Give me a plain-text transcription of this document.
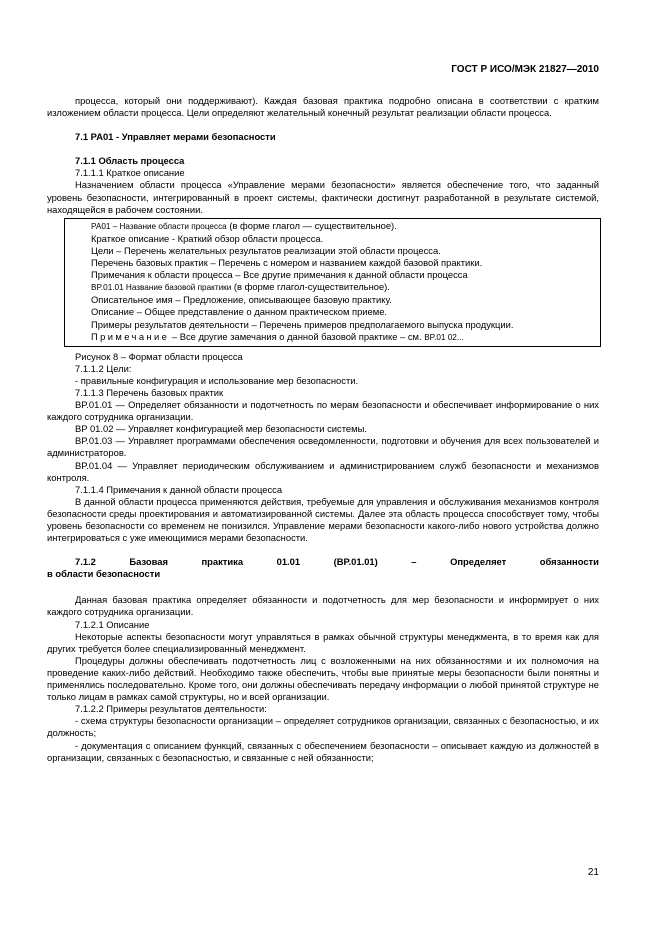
ГОСТ Р ИСО/МЭК 21827—2010

процесса, который они поддерживают). Каждая базовая практика подробно описана в соответствии с кратким изложением области процесса. Цели определяют желательный конечный результат реализации области процесса.

7.1 PA01 - Управляет мерами безопасности

7.1.1 Область процесса

7.1.1.1 Краткое описание

Назначением области процесса «Управление мерами безопасности» является обеспечение того, что заданный уровень безопасности, интегрированный в проект системы, фактически достигнут разработанной в результате системой, находящейся в рабочем состоянии.

PA01 – Название области процесса (в форме глагол — существительное).
Краткое описание - Краткий обзор области процесса.
Цели – Перечень желательных результатов реализации этой области процесса.
Перечень базовых практик – Перечень с номером и названием каждой базовой практики.
Примечания к области процесса – Все другие примечания к данной области процесса
BP.01.01 Название базовой практики (в форме глагол-существительное).
Описательное имя – Предложение, описывающее базовую практику.
Описание – Общее представление о данном практическом приеме.
Примеры результатов деятельности – Перечень примеров предполагаемого выпуска продукции.
Примечание – Все другие замечания о данной базовой практике – см. BP.01 02...

Рисунок 8 – Формат области процесса

7.1.1.2 Цели:

- правильные конфигурация и использование мер безопасности.

7.1.1.3 Перечень базовых практик

BP.01.01 — Определяет обязанности и подотчетность по мерам безопасности и обеспечивает информирование о них каждого сотрудника организации.

BP 01.02 — Управляет конфигурацией мер безопасности системы.

BP.01.03 — Управляет программами обеспечения осведомленности, подготовки и обучения для всех пользователей и администраторов.

BP.01.04 — Управляет периодическим обслуживанием и администрированием служб безопасности и механизмов контроля.

7.1.1.4 Примечания к данной области процесса

В данной области процесса применяются действия, требуемые для управления и обслуживания механизмов контроля безопасности среды проектирования и автоматизированной системы. Далее эта область процесса способствует тому, чтобы уровень безопасности со временем не понизился. Управление мерами безопасности какого-либо нового устройства должно интегрироваться с уже имеющимися мерами безопасности.

7.1.2	Базовая	практика	01.01	(BP.01.01)	–	Определяет	обязанности

в области безопасности

Данная базовая практика определяет обязанности и подотчетность для мер безопасности и информирует о них каждого сотрудника организации.

7.1.2.1 Описание

Некоторые аспекты безопасности могут управляться в рамках обычной структуры менеджмента, в то время как для других требуется более специализированный менеджмент.

Процедуры должны обеспечивать подотчетность лиц с возложенными на них обязанностями и их полномочия на проведение каких-либо действий. Необходимо также обеспечить, чтобы вые принятые меры безопасности были понятны и применялись последовательно. Кроме того, они должны обеспечивать передачу информации о любой принятой структуре не только лицам в рамках самой структуры, но и всей организации.

7.1.2.2 Примеры результатов деятельности:

- схема структуры безопасности организации – определяет сотрудников организации, связанных с безопасностью, и их должность;

- документация с описанием функций, связанных с обеспечением безопасности – описывает каждую из должностей в организации, связанных с безопасностью, и связанные с ней обязанности;

21
